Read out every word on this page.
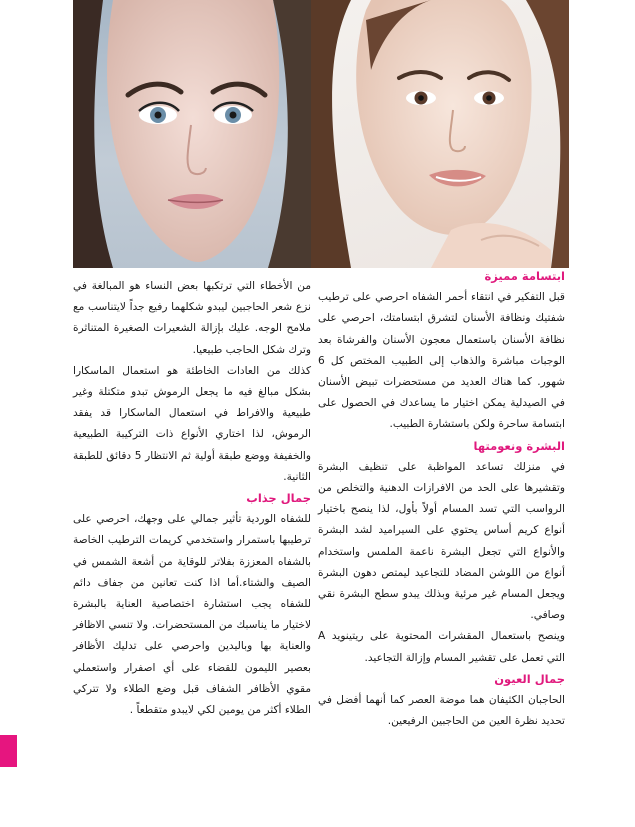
ابتسامة مميزة

قبل التفكير في انتقاء أحمر الشفاه احرصي على ترطيب شفتيك ونظافة الأسنان لتشرق ابتسامتك، احرصي على نظافة الأسنان باستعمال معجون الأسنان والفرشاة بعد الوجبات مباشرة والذهاب إلى الطبيب المختص كل 6 شهور. كما هناك العديد من مستحضرات تبيض الأسنان في الصيدلية يمكن اختيار ما يساعدك في الحصول على ابتسامة ساحرة ولكن باستشارة الطبيب.

البشرة ونعومتها

في منزلك تساعد المواظبة على تنظيف البشرة وتقشيرها على الحد من الافرازات الدهنية والتخلص من الرواسب التي تسد المسام أولاً بأول، لذا ينصح باختيار أنواع كريم أساس يحتوي على السيراميد لشد البشرة والأنواع التي تجعل البشرة ناعمة الملمس واستخدام أنواع من اللوشن المضاد للتجاعيد ليمتص دهون البشرة ويجعل المسام غير مرئية وبذلك يبدو سطح البشرة نقي وصافي.

وينصح باستعمال المقشرات المحتوية على ريتينويد A التي تعمل على تقشير المسام وإزالة التجاعيد.

جمال العيون

الحاجبان الكثيفان هما موضة العصر كما أنهما أفضل في تحديد نظرة العين من الحاجبين الرفيعين.

من الأخطاء التي ترتكبها بعض النساء هو المبالغة في نزع شعر الحاجبين ليبدو شكلهما رفيع جداً لايتناسب مع ملامح الوجه. عليك بإزالة الشعيرات الصغيرة المتناثرة وترك شكل الحاجب طبيعيا.

كذلك من العادات الخاطئة هو استعمال الماسكارا بشكل مبالغ فيه ما يجعل الرموش تبدو متكتلة وغير طبيعية والافراط في استعمال الماسكارا قد يفقد الرموش، لذا اختاري الأنواع ذات التركيبة الطبيعية والخفيفة ووضع طبقة أولية ثم الانتظار 5 دقائق للطبقة الثانية.

جمال جذاب

للشفاه الوردية تأثير جمالي على وجهك، احرصي على ترطيبها باستمرار واستخدمي كريمات الترطيب الخاصة بالشفاه المعززة بفلاتر للوقاية من أشعة الشمس في الصيف والشتاء.أما اذا كنت تعانين من جفاف دائم للشفاه يجب استشارة اختصاصية العناية بالبشرة لاختيار ما يناسبك من المستحضرات. ولا تنسي الاظافر والعناية بها وباليدين واحرصي على تدليك الأظافر بعصير الليمون للقضاء على أي اصفرار واستعملي مقوي الأظافر الشفاف قبل وضع الطلاء ولا تتركي الطلاء أكثر من يومين لكي لايبدو متقطعاً .
